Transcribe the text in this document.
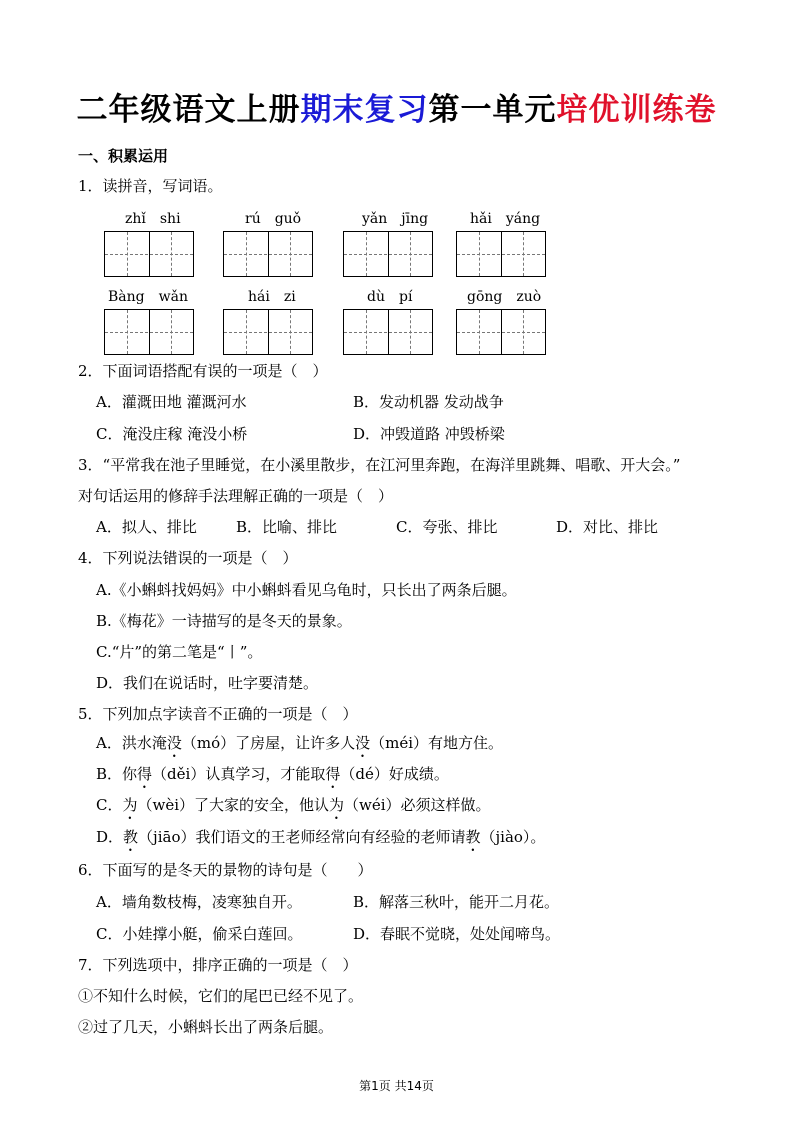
二年级语文上册期末复习第一单元培优训练卷
一、积累运用
1．读拼音，写词语。
zhǐ　shi	rú　guǒ	yǎn　jīng	hǎi　yáng
Bàng　wǎn	hái　zi	dù　pí	gōng　zuò
2．下面词语搭配有误的一项是（　）
A．灌溉田地 灌溉河水	B．发动机器 发动战争
C．淹没庄稼 淹没小桥	D．冲毁道路 冲毁桥梁
3．“平常我在池子里睡觉，在小溪里散步，在江河里奔跑，在海洋里跳舞、唱歌、开大会。”
对句话运用的修辞手法理解正确的一项是（　）
A．拟人、排比	B．比喻、排比	C．夸张、排比	D．对比、排比
4．下列说法错误的一项是（　）
A.《小蝌蚪找妈妈》中小蝌蚪看见乌龟时，只长出了两条后腿。
B.《梅花》一诗描写的是冬天的景象。
C.“片”的第二笔是“丨”。
D．我们在说话时，吐字要清楚。
5．下列加点字读音不正确的一项是（　）
A．洪水淹没（mó）了房屋，让许多人没（méi）有地方住。
B．你得（děi）认真学习，才能取得（dé）好成绩。
C．为（wèi）了大家的安全，他认为（wéi）必须这样做。
D．教（jiāo）我们语文的王老师经常向有经验的老师请教（jiào）。
6．下面写的是冬天的景物的诗句是（　　）
A．墙角数枝梅，凌寒独自开。	B．解落三秋叶，能开二月花。
C．小娃撑小艇，偷采白莲回。	D．春眠不觉晓，处处闻啼鸟。
7．下列选项中，排序正确的一项是（　）
①不知什么时候，它们的尾巴已经不见了。
②过了几天，小蝌蚪长出了两条后腿。
第1页 共14页
